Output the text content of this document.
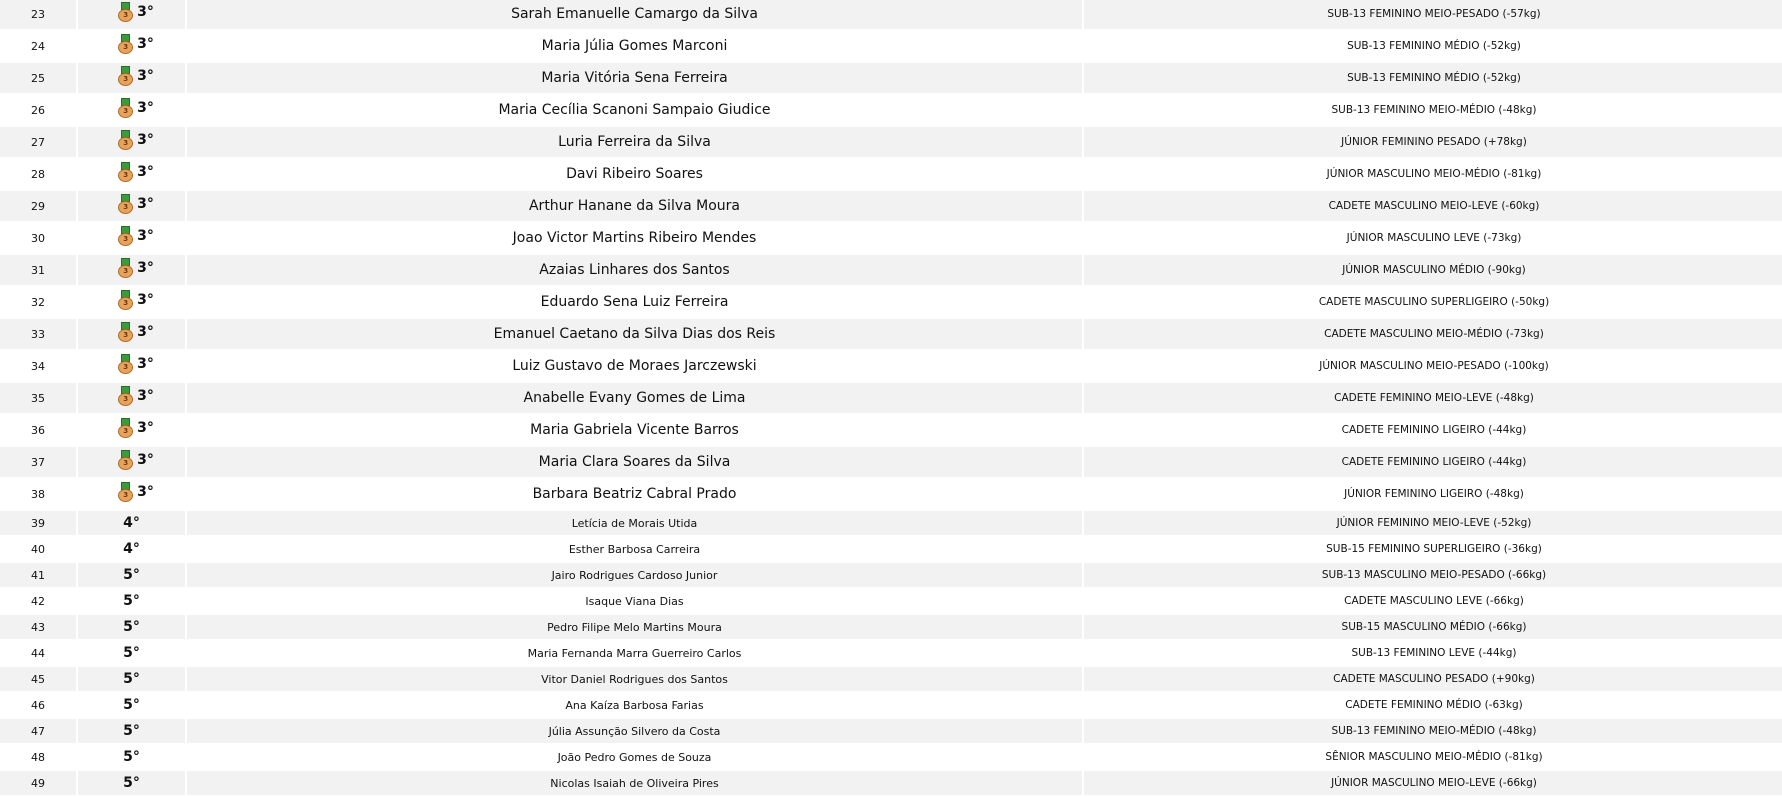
23	3 3°	Sarah Emanuelle Camargo da Silva	SUB-13 FEMININO MEIO-PESADO (-57kg)
24	3 3°	Maria Júlia Gomes Marconi	SUB-13 FEMININO MÉDIO (-52kg)
25	3 3°	Maria Vitória Sena Ferreira	SUB-13 FEMININO MÉDIO (-52kg)
26	3 3°	Maria Cecília Scanoni Sampaio Giudice	SUB-13 FEMININO MEIO-MÉDIO (-48kg)
27	3 3°	Luria Ferreira da Silva	JÚNIOR FEMININO PESADO (+78kg)
28	3 3°	Davi Ribeiro Soares	JÚNIOR MASCULINO MEIO-MÉDIO (-81kg)
29	3 3°	Arthur Hanane da Silva Moura	CADETE MASCULINO MEIO-LEVE (-60kg)
30	3 3°	Joao Victor Martins Ribeiro Mendes	JÚNIOR MASCULINO LEVE (-73kg)
31	3 3°	Azaias Linhares dos Santos	JÚNIOR MASCULINO MÉDIO (-90kg)
32	3 3°	Eduardo Sena Luiz Ferreira	CADETE MASCULINO SUPERLIGEIRO (-50kg)
33	3 3°	Emanuel Caetano da Silva Dias dos Reis	CADETE MASCULINO MEIO-MÉDIO (-73kg)
34	3 3°	Luiz Gustavo de Moraes Jarczewski	JÚNIOR MASCULINO MEIO-PESADO (-100kg)
35	3 3°	Anabelle Evany Gomes de Lima	CADETE FEMININO MEIO-LEVE (-48kg)
36	3 3°	Maria Gabriela Vicente Barros	CADETE FEMININO LIGEIRO (-44kg)
37	3 3°	Maria Clara Soares da Silva	CADETE FEMININO LIGEIRO (-44kg)
38	3 3°	Barbara Beatriz Cabral Prado	JÚNIOR FEMININO LIGEIRO (-48kg)
39	4°	Letícia de Morais Utida	JÚNIOR FEMININO MEIO-LEVE (-52kg)
40	4°	Esther Barbosa Carreira	SUB-15 FEMININO SUPERLIGEIRO (-36kg)
41	5°	Jairo Rodrigues Cardoso Junior	SUB-13 MASCULINO MEIO-PESADO (-66kg)
42	5°	Isaque Viana Dias	CADETE MASCULINO LEVE (-66kg)
43	5°	Pedro Filipe Melo Martins Moura	SUB-15 MASCULINO MÉDIO (-66kg)
44	5°	Maria Fernanda Marra Guerreiro Carlos	SUB-13 FEMININO LEVE (-44kg)
45	5°	Vitor Daniel Rodrigues dos Santos	CADETE MASCULINO PESADO (+90kg)
46	5°	Ana Kaíza Barbosa Farias	CADETE FEMININO MÉDIO (-63kg)
47	5°	Júlia Assunção Silvero da Costa	SUB-13 FEMININO MEIO-MÉDIO (-48kg)
48	5°	João Pedro Gomes de Souza	SÊNIOR MASCULINO MEIO-MÉDIO (-81kg)
49	5°	Nicolas Isaiah de Oliveira Pires	JÚNIOR MASCULINO MEIO-LEVE (-66kg)
